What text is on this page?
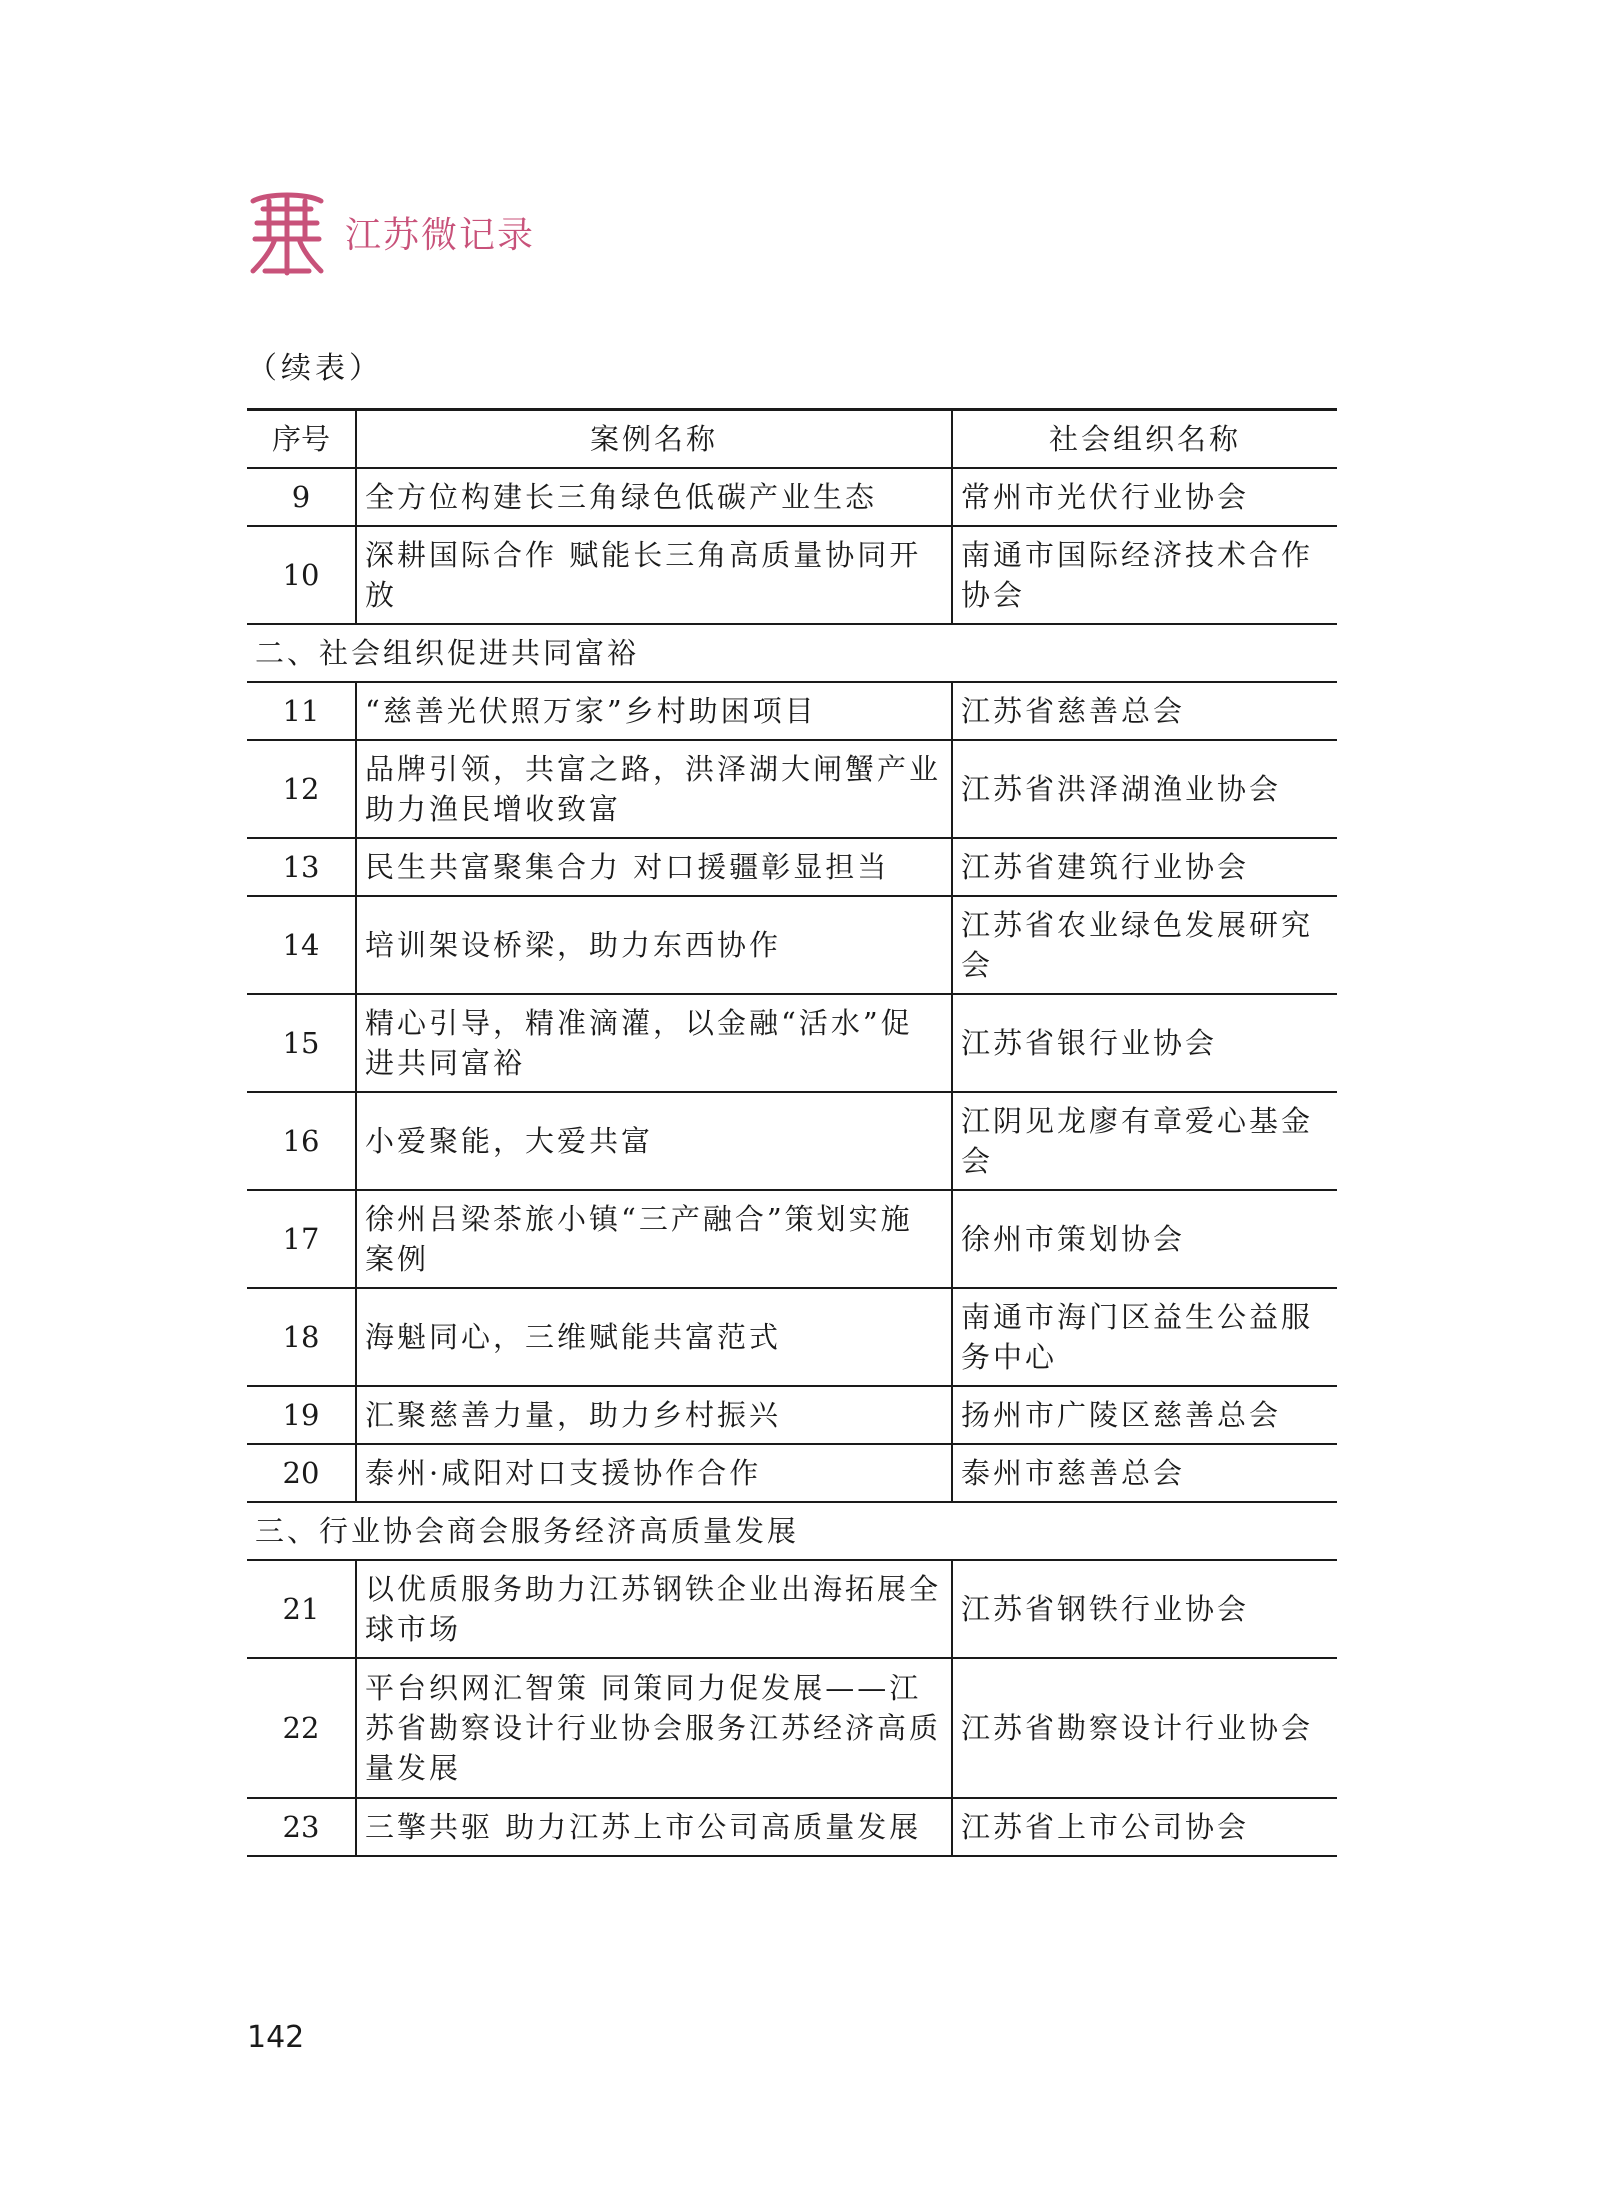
江苏微记录
（续表）
序号	案例名称	社会组织名称
9	全方位构建长三角绿色低碳产业生态	常州市光伏行业协会
10	深耕国际合作 赋能长三角高质量协同开放	南通市国际经济技术合作协会
二、社会组织促进共同富裕		
11	“慈善光伏照万家”乡村助困项目	江苏省慈善总会
12	品牌引领，共富之路，洪泽湖大闸蟹产业助力渔民增收致富	江苏省洪泽湖渔业协会
13	民生共富聚集合力 对口援疆彰显担当	江苏省建筑行业协会
14	培训架设桥梁，助力东西协作	江苏省农业绿色发展研究会
15	精心引导，精准滴灌，以金融“活水”促进共同富裕	江苏省银行业协会
16	小爱聚能，大爱共富	江阴见龙廖有章爱心基金会
17	徐州吕梁茶旅小镇“三产融合”策划实施案例	徐州市策划协会
18	海魁同心，三维赋能共富范式	南通市海门区益生公益服务中心
19	汇聚慈善力量，助力乡村振兴	扬州市广陵区慈善总会
20	泰州·咸阳对口支援协作合作	泰州市慈善总会
三、行业协会商会服务经济高质量发展		
21	以优质服务助力江苏钢铁企业出海拓展全球市场	江苏省钢铁行业协会
22	平台织网汇智策 同策同力促发展——江苏省勘察设计行业协会服务江苏经济高质量发展	江苏省勘察设计行业协会
23	三擎共驱 助力江苏上市公司高质量发展	江苏省上市公司协会
142
